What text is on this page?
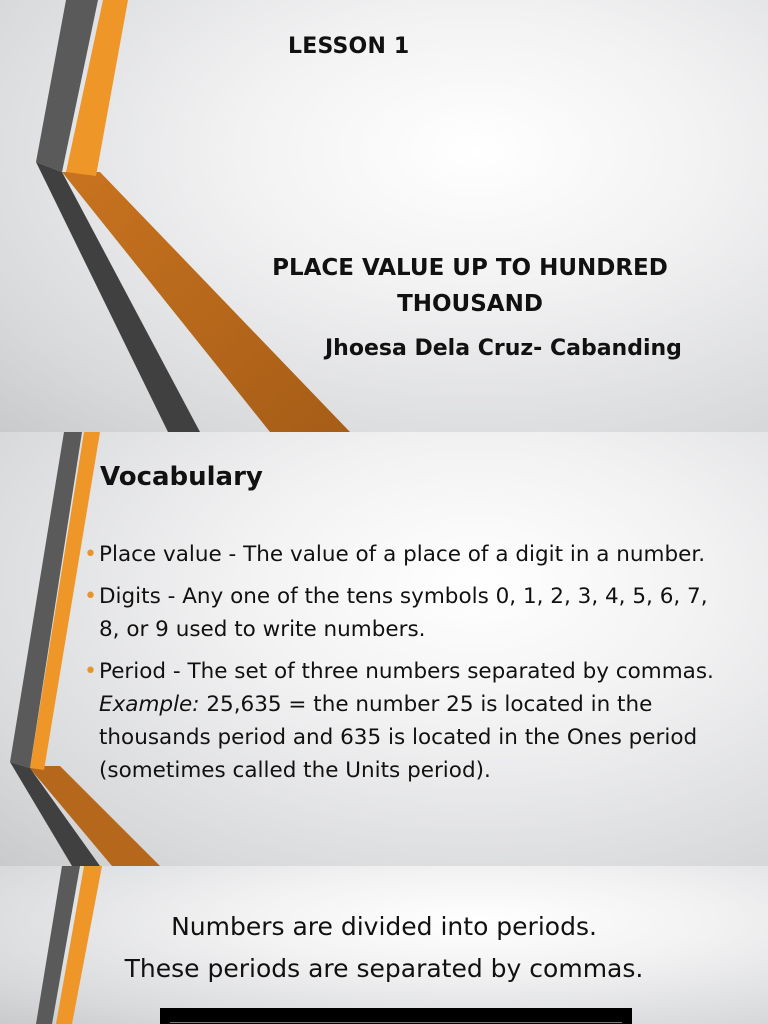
LESSON 1
PLACE VALUE UP TO HUNDRED
THOUSAND
Jhoesa Dela Cruz- Cabanding
Vocabulary
• Place value - The value of a place of a digit in a number.
• Digits - Any one of the tens symbols 0, 1, 2, 3, 4, 5, 6, 7, 8, or 9 used to write numbers.
• Period - The set of three numbers separated by commas.  Example: 25,635 = the number 25 is located in the thousands period and 635 is located in the Ones period (sometimes called the Units period).
Numbers are divided into periods.
These periods are separated by commas.
